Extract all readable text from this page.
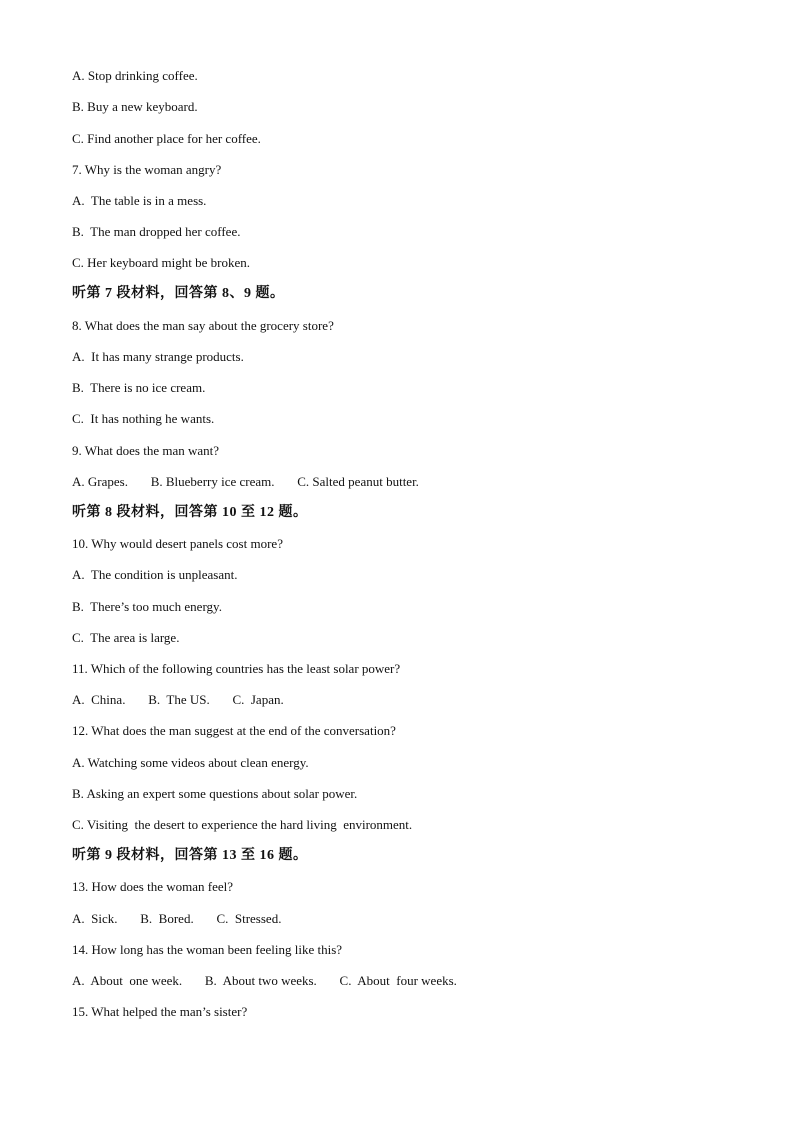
A. Stop drinking coffee.
B. Buy a new keyboard.
C. Find another place for her coffee.
7. Why is the woman angry?
A.  The table is in a mess.
B.  The man dropped her coffee.
C. Her keyboard might be broken.
听第 7 段材料，回答第 8、9 题。
8. What does the man say about the grocery store?
A.  It has many strange products.
B.  There is no ice cream.
C.  It has nothing he wants.
9. What does the man want?
A. Grapes.       B. Blueberry ice cream.       C. Salted peanut butter.
听第 8 段材料，回答第 10 至 12 题。
10. Why would desert panels cost more?
A.  The condition is unpleasant.
B.  There’s too much energy.
C.  The area is large.
11. Which of the following countries has the least solar power?
A.  China.       B.  The US.       C.  Japan.
12. What does the man suggest at the end of the conversation?
A. Watching some videos about clean energy.
B. Asking an expert some questions about solar power.
C. Visiting  the desert to experience the hard living  environment.
听第 9 段材料，回答第 13 至 16 题。
13. How does the woman feel?
A.  Sick.       B.  Bored.       C.  Stressed.
14. How long has the woman been feeling like this?
A.  About  one week.       B.  About two weeks.       C.  About  four weeks.
15. What helped the man’s sister?
